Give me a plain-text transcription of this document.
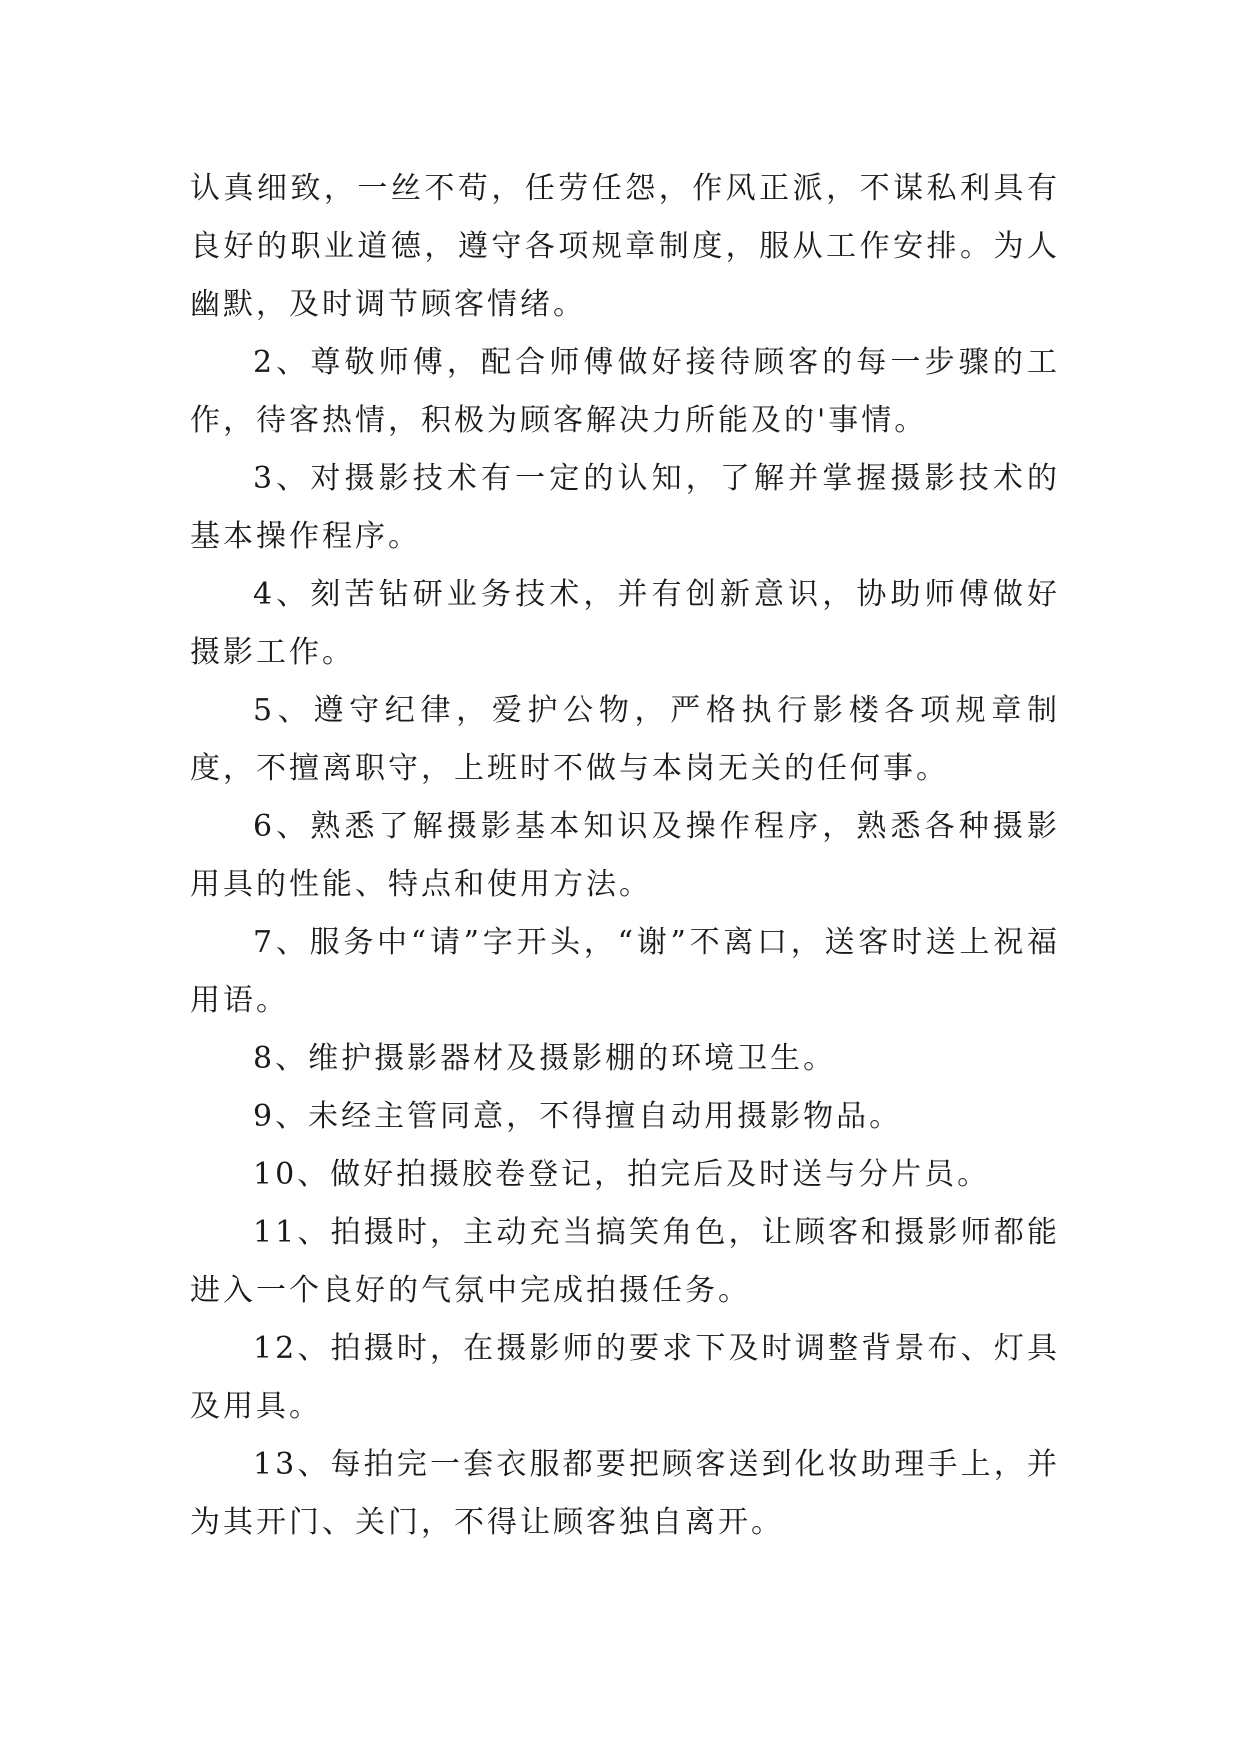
认真细致，一丝不苟，任劳任怨，作风正派，不谋私利具有良好的职业道德，遵守各项规章制度，服从工作安排。为人幽默，及时调节顾客情绪。

2、尊敬师傅，配合师傅做好接待顾客的每一步骤的工作，待客热情，积极为顾客解决力所能及的'事情。

3、对摄影技术有一定的认知，了解并掌握摄影技术的基本操作程序。

4、刻苦钻研业务技术，并有创新意识，协助师傅做好摄影工作。

5、遵守纪律，爱护公物，严格执行影楼各项规章制度，不擅离职守，上班时不做与本岗无关的任何事。

6、熟悉了解摄影基本知识及操作程序，熟悉各种摄影用具的性能、特点和使用方法。

7、服务中“请”字开头，“谢”不离口，送客时送上祝福用语。

8、维护摄影器材及摄影棚的环境卫生。

9、未经主管同意，不得擅自动用摄影物品。

10、做好拍摄胶卷登记，拍完后及时送与分片员。

11、拍摄时，主动充当搞笑角色，让顾客和摄影师都能进入一个良好的气氛中完成拍摄任务。

12、拍摄时，在摄影师的要求下及时调整背景布、灯具及用具。

13、每拍完一套衣服都要把顾客送到化妆助理手上，并为其开门、关门，不得让顾客独自离开。
